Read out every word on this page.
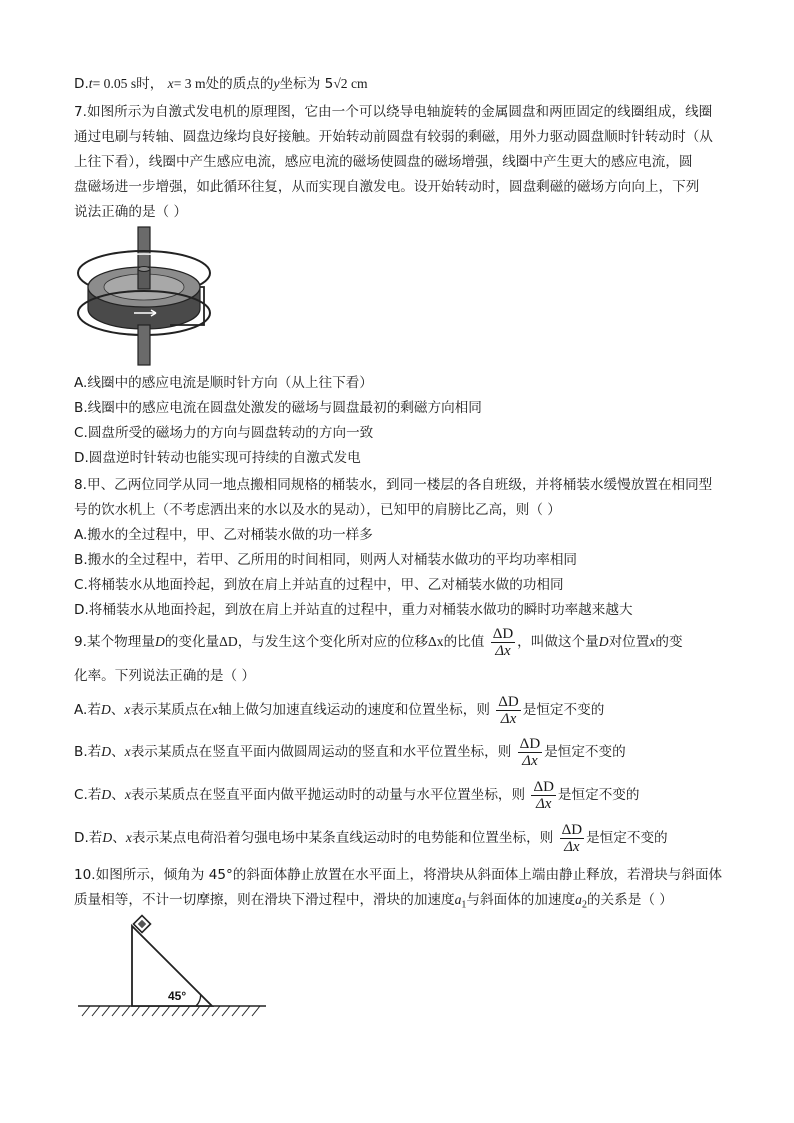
D.t= 0.05 s时， x= 3 m处的质点的y坐标为 5√2 cm
7.如图所示为自激式发电机的原理图，它由一个可以绕导电轴旋转的金属圆盘和两匝固定的线圈组成，线圈
通过电刷与转轴、圆盘边缘均良好接触。开始转动前圆盘有较弱的剩磁，用外力驱动圆盘顺时针转动时（从
上往下看），线圈中产生感应电流，感应电流的磁场使圆盘的磁场增强，线圈中产生更大的感应电流，圆
盘磁场进一步增强，如此循环往复，从而实现自激发电。设开始转动时，圆盘剩磁的磁场方向向上，下列
说法正确的是（ ）
A.线圈中的感应电流是顺时针方向（从上往下看）
B.线圈中的感应电流在圆盘处激发的磁场与圆盘最初的剩磁方向相同
C.圆盘所受的磁场力的方向与圆盘转动的方向一致
D.圆盘逆时针转动也能实现可持续的自激式发电
8.甲、乙两位同学从同一地点搬相同规格的桶装水，到同一楼层的各自班级，并将桶装水缓慢放置在相同型
号的饮水机上（不考虑洒出来的水以及水的晃动），已知甲的肩膀比乙高，则（ ）
A.搬水的全过程中，甲、乙对桶装水做的功一样多
B.搬水的全过程中，若甲、乙所用的时间相同，则两人对桶装水做功的平均功率相同
C.将桶装水从地面拎起，到放在肩上并站直的过程中，甲、乙对桶装水做的功相同
D.将桶装水从地面拎起，到放在肩上并站直的过程中，重力对桶装水做功的瞬时功率越来越大
9.某个物理量D的变化量ΔD，与发生这个变化所对应的位移Δx的比值 $\frac{\Delta D}{\Delta x}$ ，叫做这个量D对位置x的变
化率。下列说法正确的是（ ）
A.若D、x表示某质点在x轴上做匀加速直线运动的速度和位置坐标，则 $\frac{\Delta D}{\Delta x}$ 是恒定不变的
B.若D、x表示某质点在竖直平面内做圆周运动的竖直和水平位置坐标，则 $\frac{\Delta D}{\Delta x}$ 是恒定不变的
C.若D、x表示某质点在竖直平面内做平抛运动时的动量与水平位置坐标，则 $\frac{\Delta D}{\Delta x}$ 是恒定不变的
D.若D、x表示某点电荷沿着匀强电场中某条直线运动时的电势能和位置坐标，则 $\frac{\Delta D}{\Delta x}$ 是恒定不变的
10.如图所示，倾角为 45°的斜面体静止放置在水平面上，将滑块从斜面体上端由静止释放，若滑块与斜面体
质量相等，不计一切摩擦，则在滑块下滑过程中，滑块的加速度$a_1$与斜面体的加速度$a_2$的关系是（ ）
45°
